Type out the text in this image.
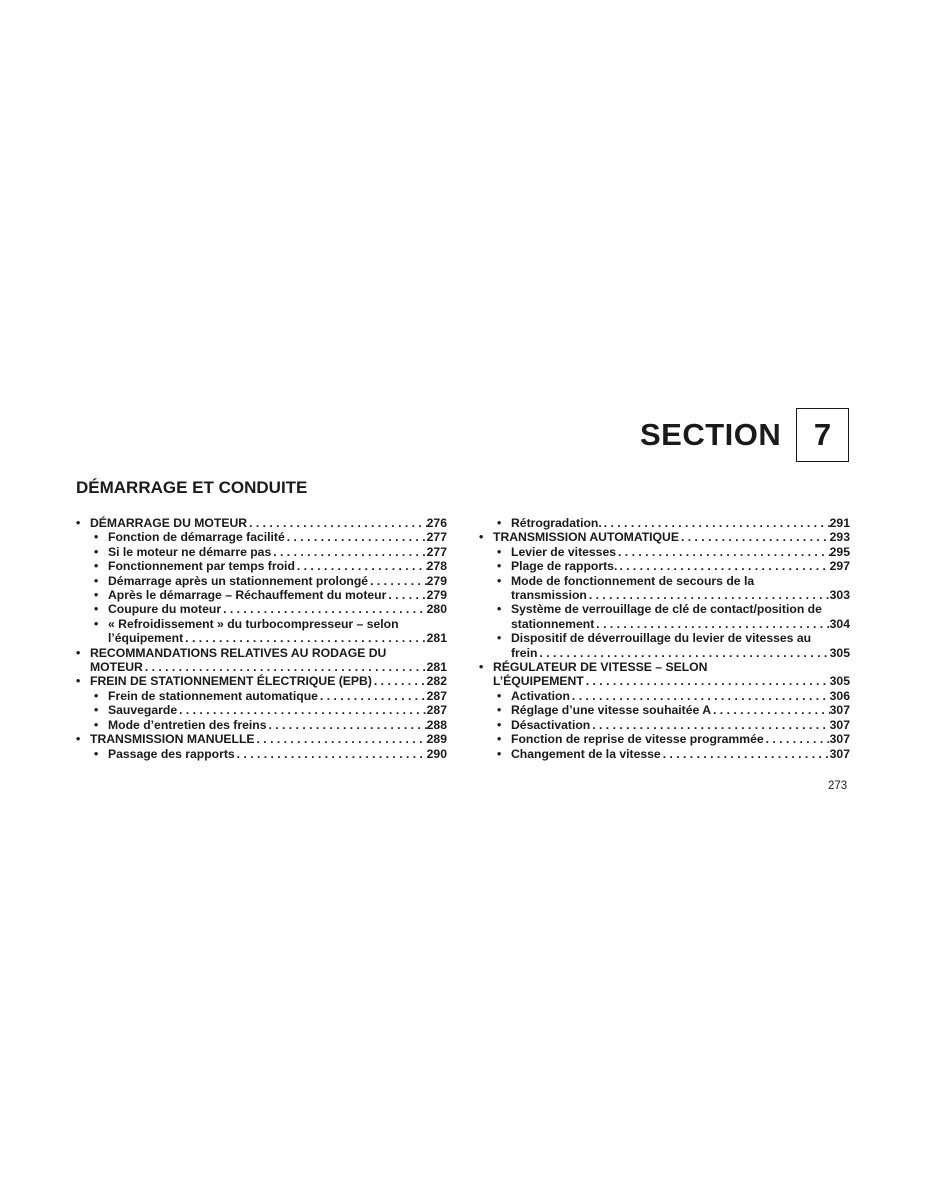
SECTION	7
DÉMARRAGE ET CONDUITE
• DÉMARRAGE DU MOTEUR . . .	276
• Fonction de démarrage facilité . . .	277
• Si le moteur ne démarre pas . . .	277
• Fonctionnement par temps froid . . .	278
• Démarrage après un stationnement prolongé . . .	279
• Après le démarrage – Réchauffement du moteur . . .	279
• Coupure du moteur . . .	280
• « Refroidissement » du turbocompresseur – selon
l’équipement . . .	281
• RECOMMANDATIONS RELATIVES AU RODAGE DU
MOTEUR . . .	281
• FREIN DE STATIONNEMENT ÉLECTRIQUE (EPB) . . .	282
• Frein de stationnement automatique . . .	287
• Sauvegarde . . .	287
• Mode d’entretien des freins . . .	288
• TRANSMISSION MANUELLE . . .	289
• Passage des rapports . . .	290
• Rétrogradation. . . .	291
• TRANSMISSION AUTOMATIQUE . . .	293
• Levier de vitesses . . .	295
• Plage de rapports. . . .	297
• Mode de fonctionnement de secours de la
transmission . . .	303
• Système de verrouillage de clé de contact/position de
stationnement . . .	304
• Dispositif de déverrouillage du levier de vitesses au
frein . . .	305
• RÉGULATEUR DE VITESSE – SELON
L’ÉQUIPEMENT . . .	305
• Activation . . .	306
• Réglage d’une vitesse souhaitée A . . .	307
• Désactivation . . .	307
• Fonction de reprise de vitesse programmée . . .	307
• Changement de la vitesse . . .	307
273
